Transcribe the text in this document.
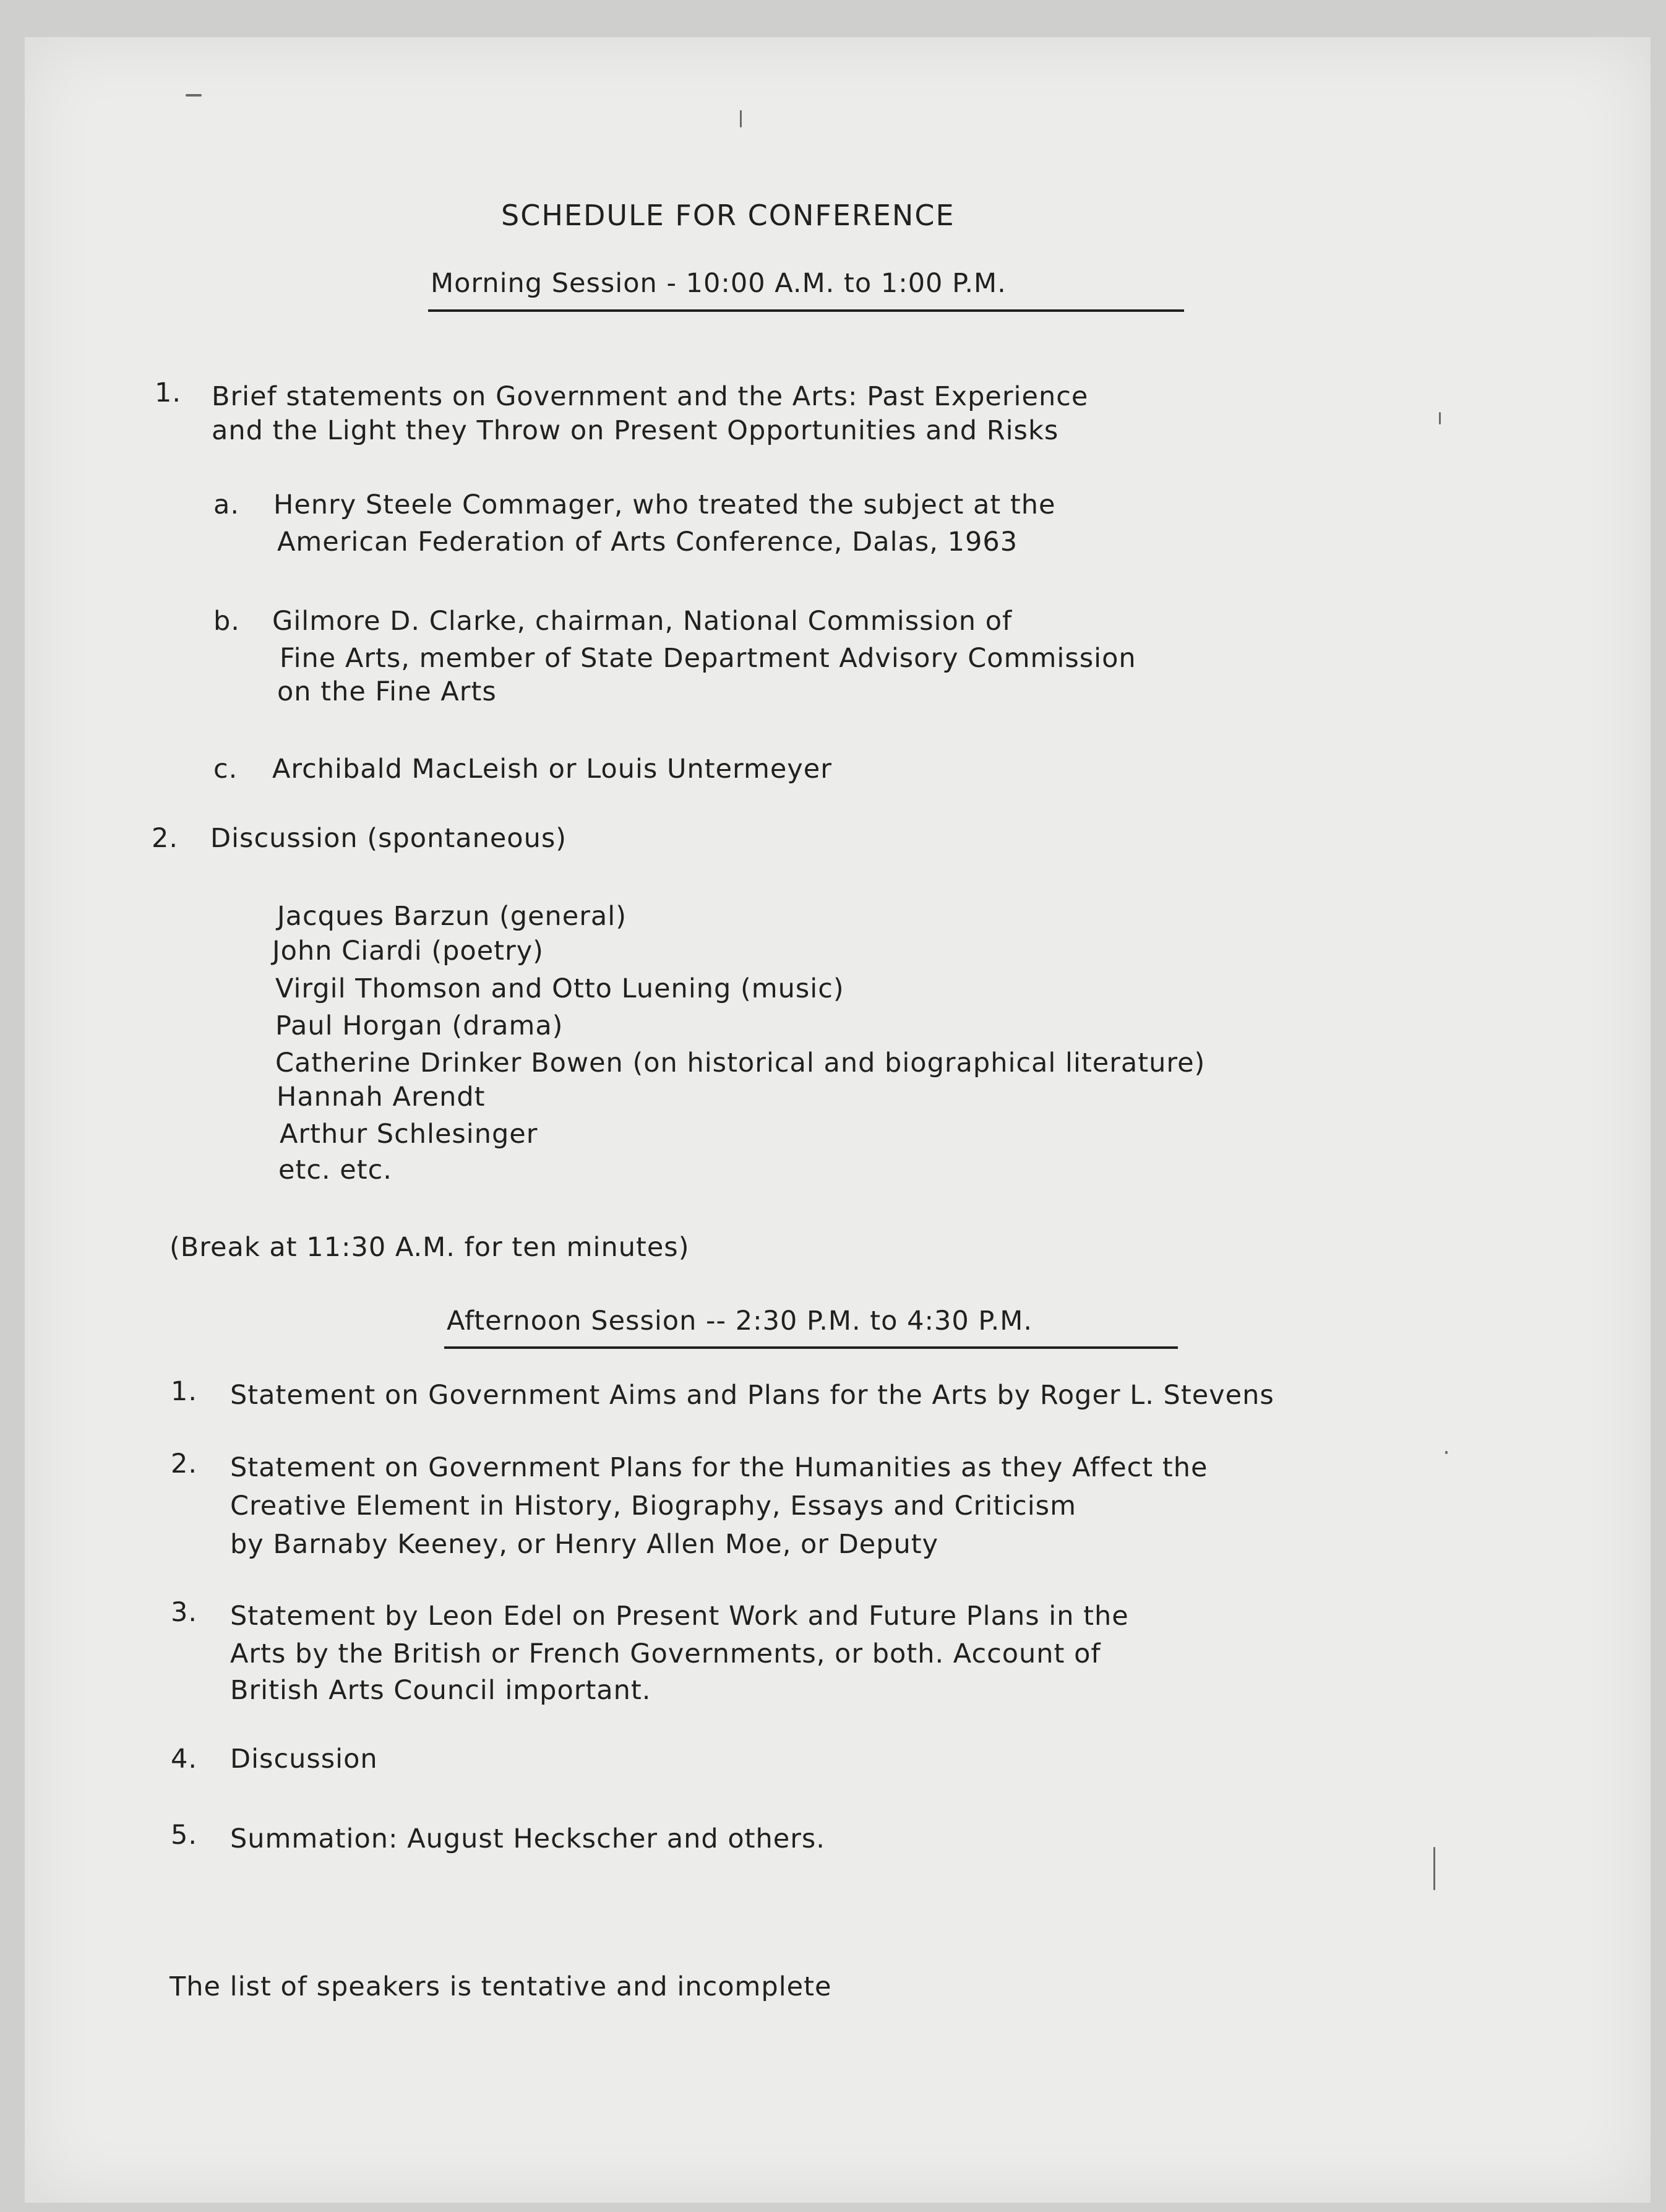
SCHEDULE FOR CONFERENCE
Morning Session - 10:00 A.M. to 1:00 P.M.
1. Brief statements on Government and the Arts: Past Experience
and the Light they Throw on Present Opportunities and Risks
a. Henry Steele Commager, who treated the subject at the
American Federation of Arts Conference, Dalas, 1963
b. Gilmore D. Clarke, chairman, National Commission of
Fine Arts, member of State Department Advisory Commission
on the Fine Arts
c. Archibald MacLeish or Louis Untermeyer
2. Discussion (spontaneous)
Jacques Barzun (general)
John Ciardi (poetry)
Virgil Thomson and Otto Luening (music)
Paul Horgan (drama)
Catherine Drinker Bowen (on historical and biographical literature)
Hannah Arendt
Arthur Schlesinger
etc. etc.
(Break at 11:30 A.M. for ten minutes)
Afternoon Session -- 2:30 P.M. to 4:30 P.M.
1. Statement on Government Aims and Plans for the Arts by Roger L. Stevens
2. Statement on Government Plans for the Humanities as they Affect the
Creative Element in History, Biography, Essays and Criticism
by Barnaby Keeney, or Henry Allen Moe, or Deputy
3. Statement by Leon Edel on Present Work and Future Plans in the
Arts by the British or French Governments, or both. Account of
British Arts Council important.
4. Discussion
5. Summation: August Heckscher and others.
The list of speakers is tentative and incomplete
